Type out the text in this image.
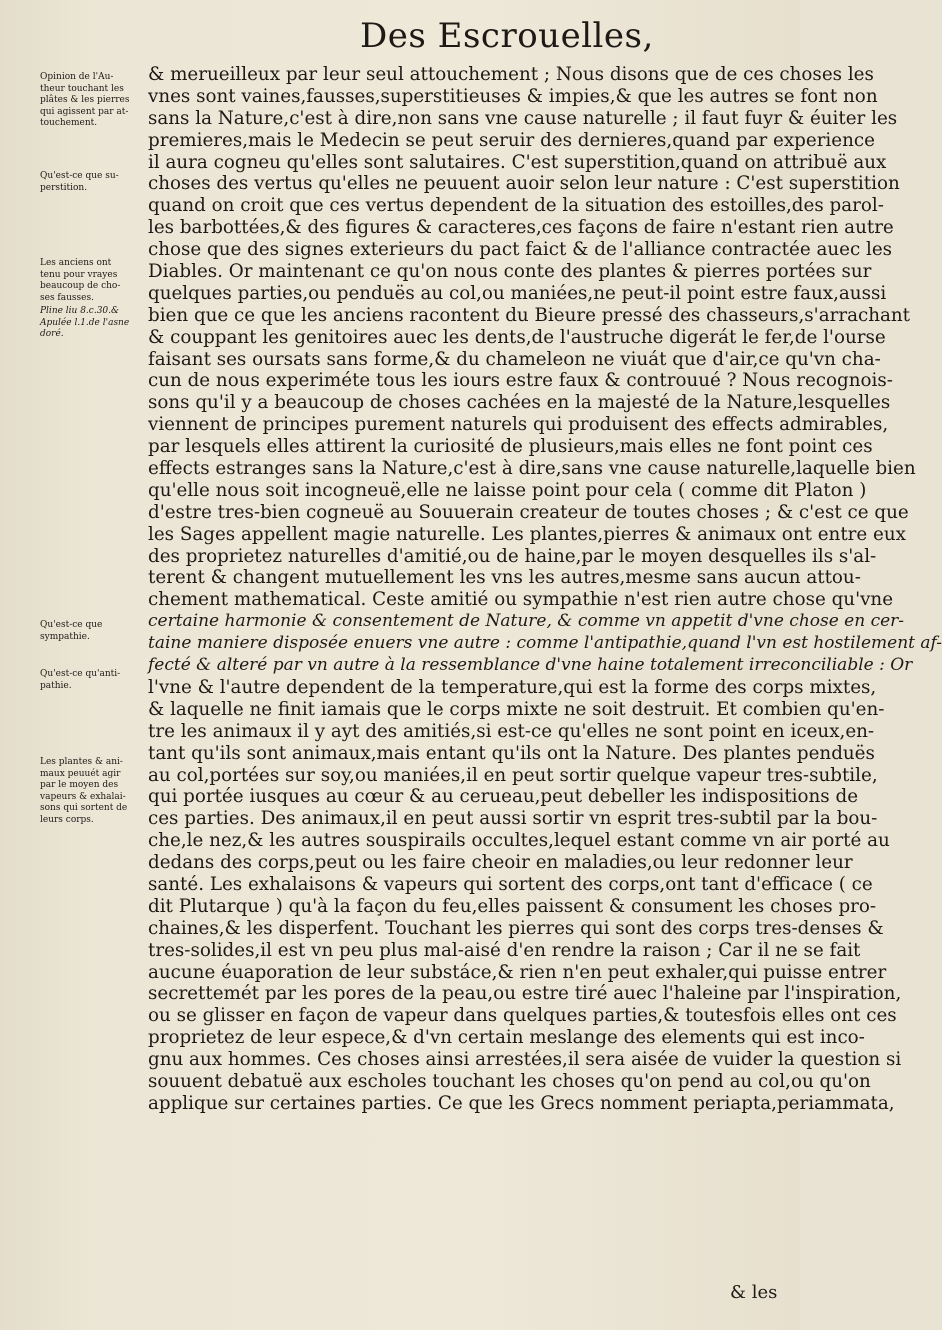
Des Escrouelles,
Opinion de l'Au-
theur touchant les
plâtes & les pierres
qui agissent par at-
touchement.
Qu'est-ce que su-
perstition.
Les anciens ont
tenu pour vrayes
beaucoup de cho-
ses fausses.
Pline liu 8.c.30.&
Apulée l.1.de l'asne
doré.
Qu'est-ce que
sympathie.
Qu'est-ce qu'anti-
pathie.
Les plantes & ani-
maux peuuét agir
par le moyen des
vapeurs & exhalai-
sons qui sortent de
leurs corps.
& merueilleux par leur seul attouchement ; Nous disons que de ces choses les
vnes sont vaines,fausses,superstitieuses & impies,& que les autres se font non
sans la Nature,c'est à dire,non sans vne cause naturelle ; il faut fuyr & éuiter les
premieres,mais le Medecin se peut seruir des dernieres,quand par experience
il aura cogneu qu'elles sont salutaires. C'est superstition,quand on attribuë aux
choses des vertus qu'elles ne peuuent auoir selon leur nature : C'est superstition
quand on croit que ces vertus dependent de la situation des estoilles,des parol-
les barbottées,& des figures & caracteres,ces façons de faire n'estant rien autre
chose que des signes exterieurs du pact faict & de l'alliance contractée auec les
Diables. Or maintenant ce qu'on nous conte des plantes & pierres portées sur
quelques parties,ou penduës au col,ou maniées,ne peut-il point estre faux,aussi
bien que ce que les anciens racontent du Bieure pressé des chasseurs,s'arrachant
& couppant les genitoires auec les dents,de l'austruche digerát le fer,de l'ourse
faisant ses oursats sans forme,& du chameleon ne viuát que d'air,ce qu'vn cha-
cun de nous experiméte tous les iours estre faux & controuué ? Nous recognois-
sons qu'il y a beaucoup de choses cachées en la majesté de la Nature,lesquelles
viennent de principes purement naturels qui produisent des effects admirables,
par lesquels elles attirent la curiosité de plusieurs,mais elles ne font point ces
effects estranges sans la Nature,c'est à dire,sans vne cause naturelle,laquelle bien
qu'elle nous soit incogneuë,elle ne laisse point pour cela ( comme dit Platon )
d'estre tres-bien cogneuë au Souuerain createur de toutes choses ; & c'est ce que
les Sages appellent magie naturelle. Les plantes,pierres & animaux ont entre eux
des proprietez naturelles d'amitié,ou de haine,par le moyen desquelles ils s'al-
terent & changent mutuellement les vns les autres,mesme sans aucun attou-
chement mathematical. Ceste amitié ou sympathie n'est rien autre chose qu'vne
certaine harmonie & consentement de Nature, & comme vn appetit d'vne chose en cer-
taine maniere disposée enuers vne autre : comme l'antipathie,quand l'vn est hostilement af-
fecté & alteré par vn autre à la ressemblance d'vne haine totalement irreconciliable : Or
l'vne & l'autre dependent de la temperature,qui est la forme des corps mixtes,
& laquelle ne finit iamais que le corps mixte ne soit destruit. Et combien qu'en-
tre les animaux il y ayt des amitiés,si est-ce qu'elles ne sont point en iceux,en-
tant qu'ils sont animaux,mais entant qu'ils ont la Nature. Des plantes penduës
au col,portées sur soy,ou maniées,il en peut sortir quelque vapeur tres-subtile,
qui portée iusques au cœur & au cerueau,peut debeller les indispositions de
ces parties. Des animaux,il en peut aussi sortir vn esprit tres-subtil par la bou-
che,le nez,& les autres souspirails occultes,lequel estant comme vn air porté au
dedans des corps,peut ou les faire cheoir en maladies,ou leur redonner leur
santé. Les exhalaisons & vapeurs qui sortent des corps,ont tant d'efficace ( ce
dit Plutarque ) qu'à la façon du feu,elles paissent & consument les choses pro-
chaines,& les disperfent. Touchant les pierres qui sont des corps tres-denses &
tres-solides,il est vn peu plus mal-aisé d'en rendre la raison ; Car il ne se fait
aucune éuaporation de leur substáce,& rien n'en peut exhaler,qui puisse entrer
secrettemét par les pores de la peau,ou estre tiré auec l'haleine par l'inspiration,
ou se glisser en façon de vapeur dans quelques parties,& toutesfois elles ont ces
proprietez de leur espece,& d'vn certain meslange des elements qui est inco-
gnu aux hommes. Ces choses ainsi arrestées,il sera aisée de vuider la question si
souuent debatuë aux escholes touchant les choses qu'on pend au col,ou qu'on
applique sur certaines parties. Ce que les Grecs nomment periapta,periammata,
& les
